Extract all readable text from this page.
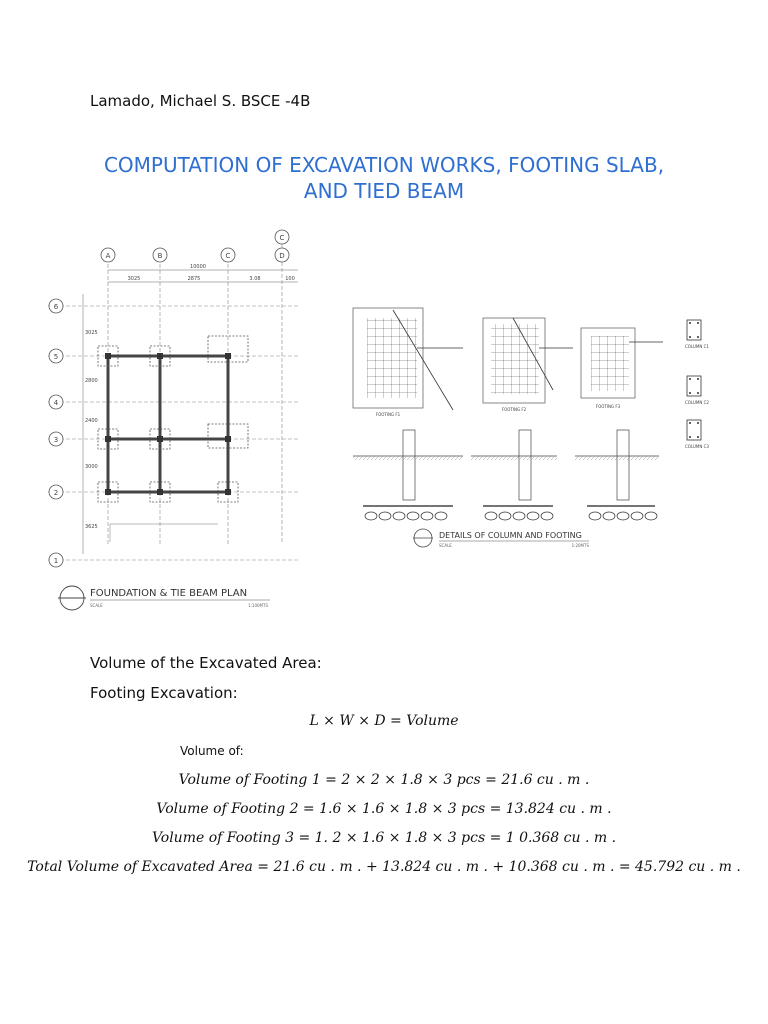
Lamado, Michael S. BSCE -4B
COMPUTATION OF EXCAVATION WORKS, FOOTING SLAB,
AND TIED BEAM
A	B	C	D
C
6
5
4
3
2
1
10000
3025	2875	3.08	100
3025
2800
2400
3000
3625
FOUNDATION & TIE BEAM PLAN
SCALE	1:100MTS
FOOTING F1
FOOTING F2
FOOTING F3
COLUMN C1
COLUMN C2
COLUMN C3
DETAILS OF COLUMN AND FOOTING
SCALE	1:20MTS
Volume of the Excavated Area:
Footing Excavation:
L × W × D = Volume
Volume of:
Volume of Footing 1 = 2 × 2 × 1.8 × 3 pcs = 21.6 cu . m .
Volume of Footing 2 = 1.6 × 1.6 × 1.8 × 3 pcs = 13.824 cu . m .
Volume of Footing 3 = 1. 2 × 1.6 × 1.8 × 3 pcs = 1 0.368 cu . m .
Total Volume of Excavated Area = 21.6 cu . m . + 13.824 cu . m . + 10.368 cu . m . = 45.792 cu . m .
